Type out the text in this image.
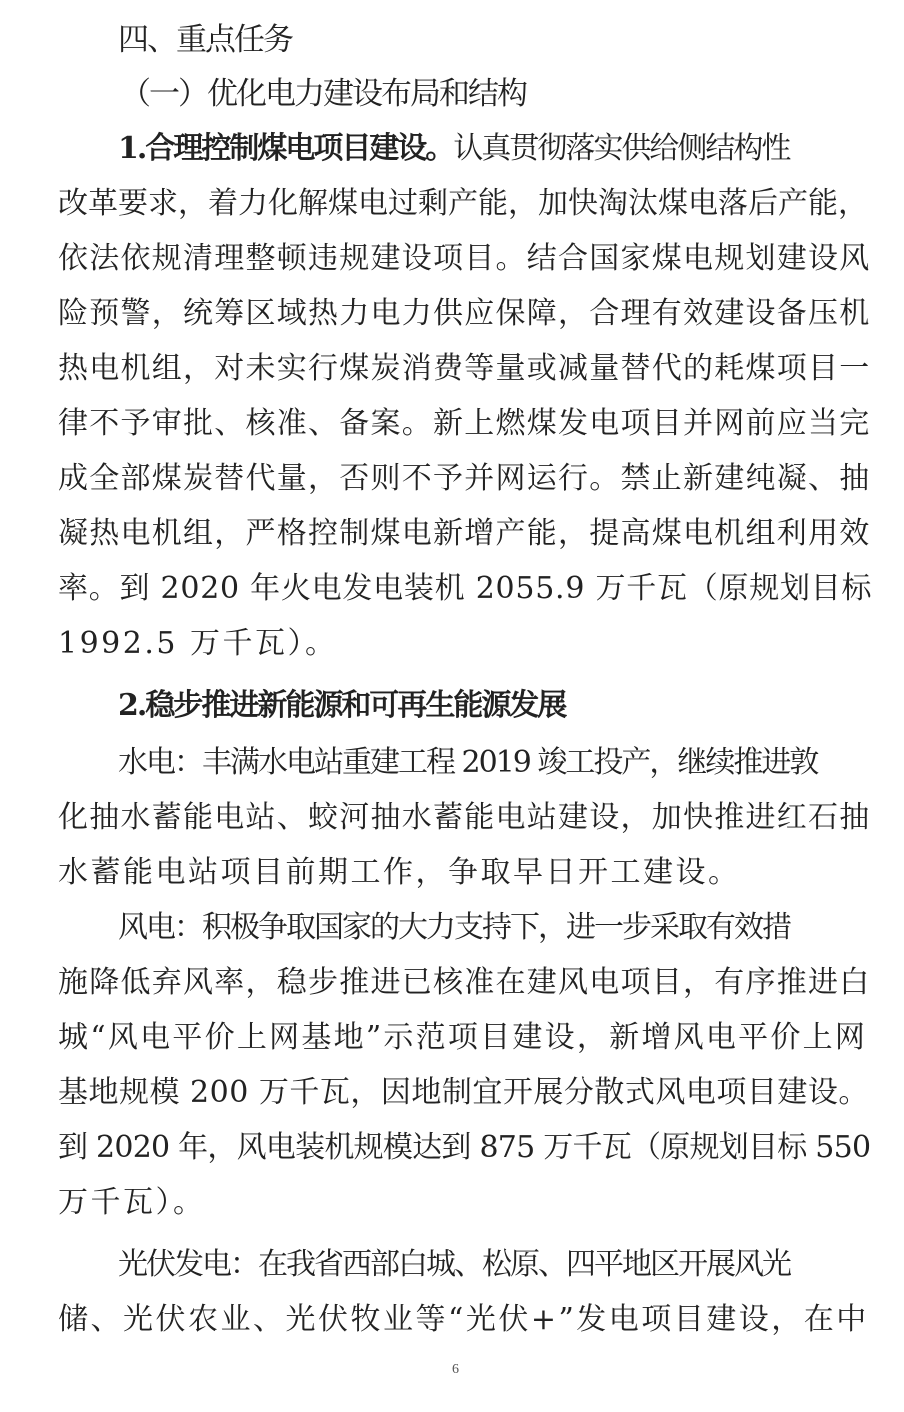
四、重点任务
（一）优化电力建设布局和结构
1.合理控制煤电项目建设。认真贯彻落实供给侧结构性
改革要求，着力化解煤电过剩产能，加快淘汰煤电落后产能，
依法依规清理整顿违规建设项目。结合国家煤电规划建设风
险预警，统筹区域热力电力供应保障，合理有效建设备压机
热电机组，对未实行煤炭消费等量或减量替代的耗煤项目一
律不予审批、核准、备案。新上燃煤发电项目并网前应当完
成全部煤炭替代量，否则不予并网运行。禁止新建纯凝、抽
凝热电机组，严格控制煤电新增产能，提高煤电机组利用效
率。到 2020 年火电发电装机 2055.9 万千瓦（原规划目标
1992.5 万千瓦）。
2.稳步推进新能源和可再生能源发展
水电：丰满水电站重建工程 2019 竣工投产，继续推进敦
化抽水蓄能电站、蛟河抽水蓄能电站建设，加快推进红石抽
水蓄能电站项目前期工作，争取早日开工建设。
风电：积极争取国家的大力支持下，进一步采取有效措
施降低弃风率，稳步推进已核准在建风电项目，有序推进白
城“风电平价上网基地”示范项目建设，新增风电平价上网
基地规模 200 万千瓦，因地制宜开展分散式风电项目建设。
到 2020 年，风电装机规模达到 875 万千瓦（原规划目标 550
万千瓦）。
光伏发电：在我省西部白城、松原、四平地区开展风光
储、光伏农业、光伏牧业等“光伏+”发电项目建设，在中
6
